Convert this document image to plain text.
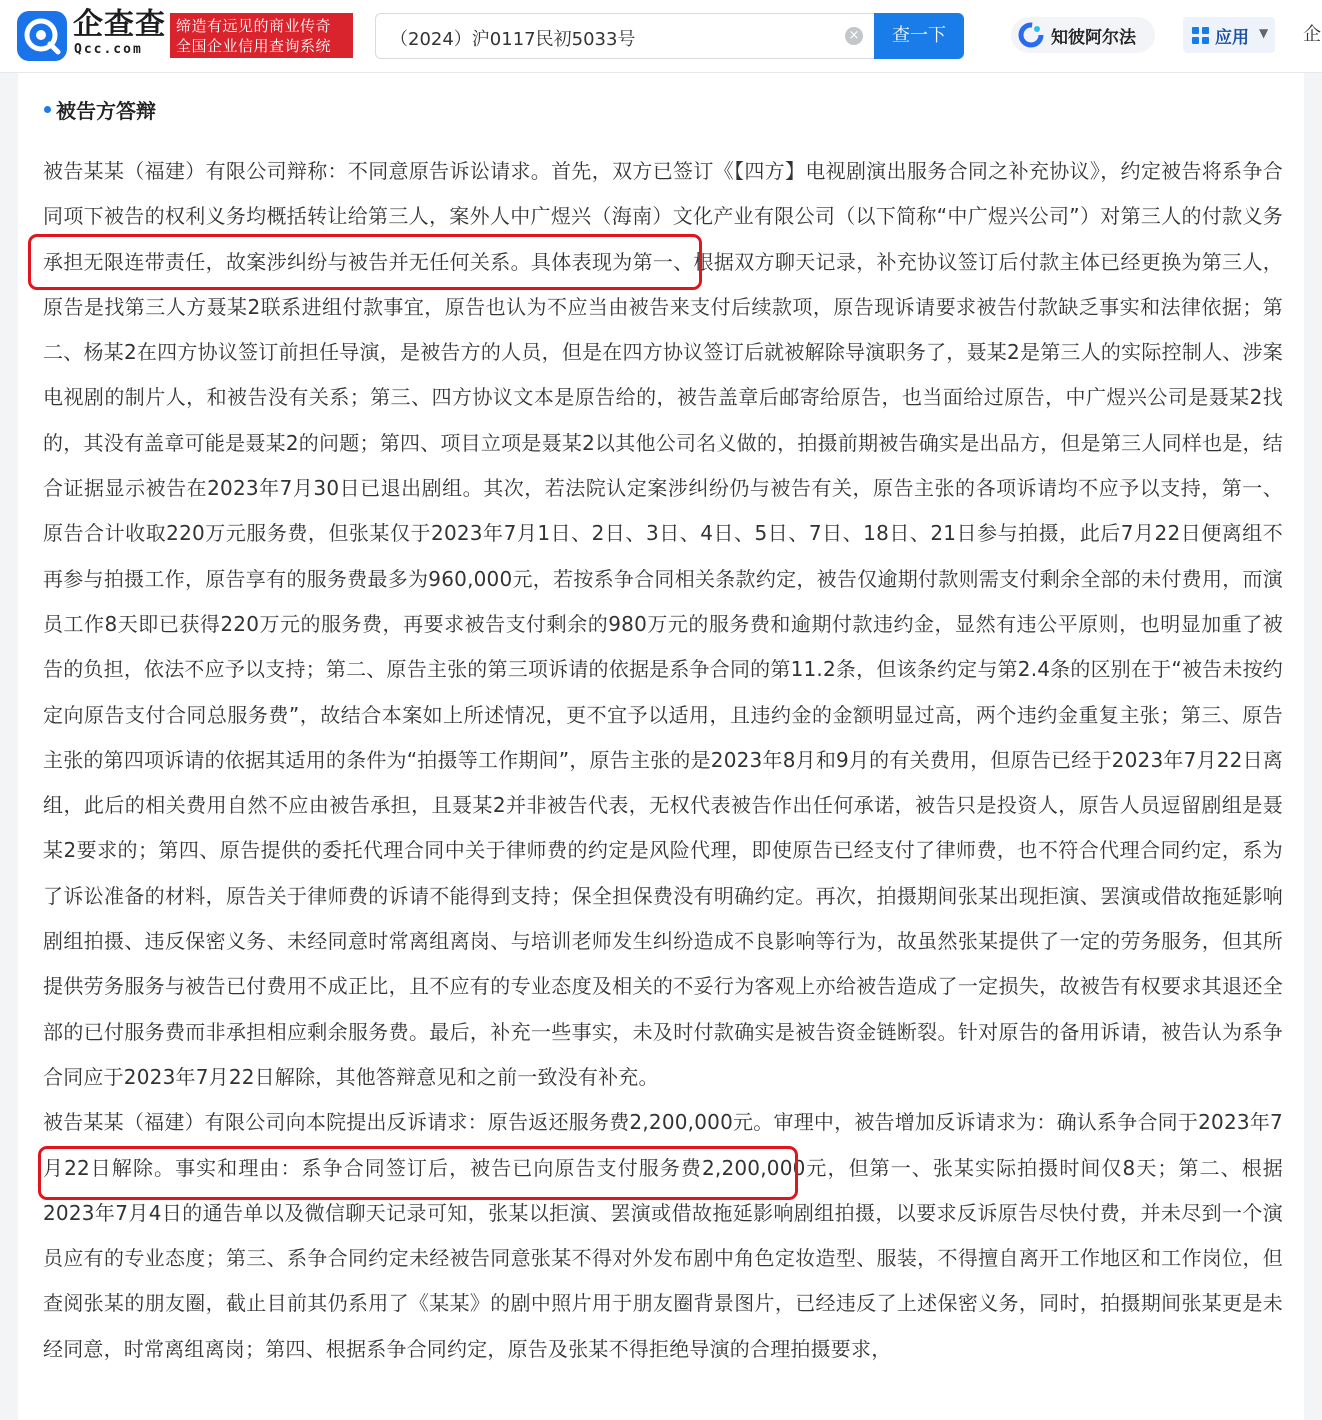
企查查
Qcc.com
缔造有远见的商业传奇
全国企业信用查询系统	（2024）沪0117民初5033号	×	查一下	知彼阿尔法	应用 ▼ 企
被告方答辩

被告某某（福建）有限公司辩称：不同意原告诉讼请求。首先，双方已签订《【四方】电视剧演出服务合同之补充协议》，约定被告将系争合同项下被告的权利义务均概括转让给第三人，案外人中广煜兴（海南）文化产业有限公司（以下简称“中广煜兴公司”）对第三人的付款义务承担无限连带责任，故案涉纠纷与被告并无任何关系。具体表现为第一、根据双方聊天记录，补充协议签订后付款主体已经更换为第三人，原告是找第三人方聂某2联系进组付款事宜，原告也认为不应当由被告来支付后续款项，原告现诉请要求被告付款缺乏事实和法律依据；第二、杨某2在四方协议签订前担任导演，是被告方的人员，但是在四方协议签订后就被解除导演职务了，聂某2是第三人的实际控制人、涉案电视剧的制片人，和被告没有关系；第三、四方协议文本是原告给的，被告盖章后邮寄给原告，也当面给过原告，中广煜兴公司是聂某2找的，其没有盖章可能是聂某2的问题；第四、项目立项是聂某2以其他公司名义做的，拍摄前期被告确实是出品方，但是第三人同样也是，结合证据显示被告在2023年7月30日已退出剧组。其次，若法院认定案涉纠纷仍与被告有关，原告主张的各项诉请均不应予以支持，第一、原告合计收取220万元服务费，但张某仅于2023年7月1日、2日、3日、4日、5日、7日、18日、21日参与拍摄，此后7月22日便离组不再参与拍摄工作，原告享有的服务费最多为960,000元，若按系争合同相关条款约定，被告仅逾期付款则需支付剩余全部的未付费用，而演员工作8天即已获得220万元的服务费，再要求被告支付剩余的980万元的服务费和逾期付款违约金，显然有违公平原则，也明显加重了被告的负担，依法不应予以支持；第二、原告主张的第三项诉请的依据是系争合同的第11.2条，但该条约定与第2.4条的区别在于“被告未按约定向原告支付合同总服务费”，故结合本案如上所述情况，更不宜予以适用，且违约金的金额明显过高，两个违约金重复主张；第三、原告主张的第四项诉请的依据其适用的条件为“拍摄等工作期间”，原告主张的是2023年8月和9月的有关费用，但原告已经于2023年7月22日离组，此后的相关费用自然不应由被告承担，且聂某2并非被告代表，无权代表被告作出任何承诺，被告只是投资人，原告人员逗留剧组是聂某2要求的；第四、原告提供的委托代理合同中关于律师费的约定是风险代理，即使原告已经支付了律师费，也不符合代理合同约定，系为了诉讼准备的材料，原告关于律师费的诉请不能得到支持；保全担保费没有明确约定。再次，拍摄期间张某出现拒演、罢演或借故拖延影响剧组拍摄、违反保密义务、未经同意时常离组离岗、与培训老师发生纠纷造成不良影响等行为，故虽然张某提供了一定的劳务服务，但其所提供劳务服务与被告已付费用不成正比，且不应有的专业态度及相关的不妥行为客观上亦给被告造成了一定损失，故被告有权要求其退还全部的已付服务费而非承担相应剩余服务费。最后，补充一些事实，未及时付款确实是被告资金链断裂。针对原告的备用诉请，被告认为系争合同应于2023年7月22日解除，其他答辩意见和之前一致没有补充。

被告某某（福建）有限公司向本院提出反诉请求：原告返还服务费2,200,000元。审理中，被告增加反诉请求为：确认系争合同于2023年7月22日解除。事实和理由：系争合同签订后，被告已向原告支付服务费2,200,000元，但第一、张某实际拍摄时间仅8天；第二、根据2023年7月4日的通告单以及微信聊天记录可知，张某以拒演、罢演或借故拖延影响剧组拍摄，以要求反诉原告尽快付费，并未尽到一个演员应有的专业态度；第三、系争合同约定未经被告同意张某不得对外发布剧中角色定妆造型、服装，不得擅自离开工作地区和工作岗位，但查阅张某的朋友圈，截止目前其仍系用了《某某》的剧中照片用于朋友圈背景图片，已经违反了上述保密义务，同时，拍摄期间张某更是未经同意，时常离组离岗；第四、根据系争合同约定，原告及张某不得拒绝导演的合理拍摄要求，
